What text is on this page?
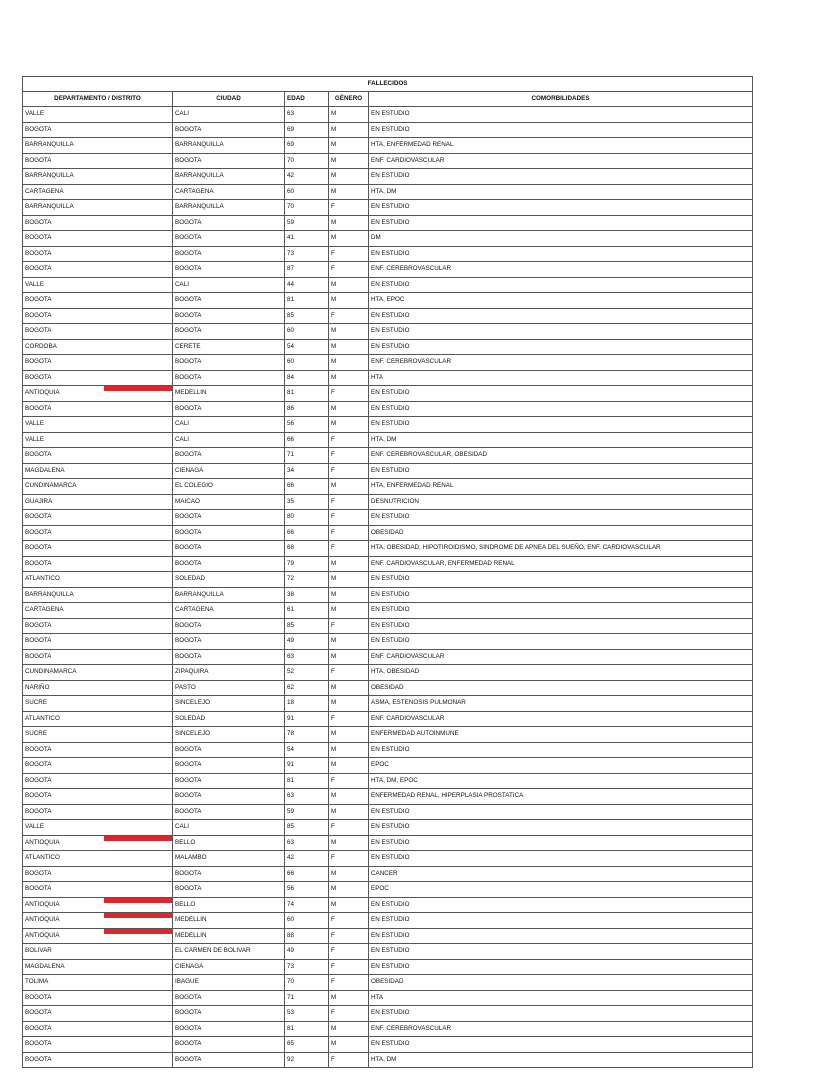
FALLECIDOS				
DEPARTAMENTO / DISTRITO	CIUDAD	EDAD	GÉNERO	COMORBILIDADES
VALLE	CALI	63	M	EN ESTUDIO
BOGOTA	BOGOTA	69	M	EN ESTUDIO
BARRANQUILLA	BARRANQUILLA	69	M	HTA, ENFERMEDAD RENAL
BOGOTA	BOGOTA	70	M	ENF. CARDIOVASCULAR
BARRANQUILLA	BARRANQUILLA	42	M	EN ESTUDIO
CARTAGENA	CARTAGENA	60	M	HTA, DM
BARRANQUILLA	BARRANQUILLA	70	F	EN ESTUDIO
BOGOTA	BOGOTA	59	M	EN ESTUDIO
BOGOTA	BOGOTA	41	M	DM
BOGOTA	BOGOTA	73	F	EN ESTUDIO
BOGOTA	BOGOTA	87	F	ENF. CEREBROVASCULAR
VALLE	CALI	44	M	EN ESTUDIO
BOGOTA	BOGOTA	81	M	HTA, EPOC
BOGOTA	BOGOTA	85	F	EN ESTUDIO
BOGOTA	BOGOTA	60	M	EN ESTUDIO
CORDOBA	CERETE	54	M	EN ESTUDIO
BOGOTA	BOGOTA	60	M	ENF. CEREBROVASCULAR
BOGOTA	BOGOTA	84	M	HTA
ANTIOQUIA	MEDELLIN	81	F	EN ESTUDIO
BOGOTA	BOGOTA	86	M	EN ESTUDIO
VALLE	CALI	56	M	EN ESTUDIO
VALLE	CALI	66	F	HTA, DM
BOGOTA	BOGOTA	71	F	ENF. CEREBROVASCULAR, OBESIDAD
MAGDALENA	CIENAGA	34	F	EN ESTUDIO
CUNDINAMARCA	EL COLEGIO	66	M	HTA, ENFERMEDAD RENAL
GUAJIRA	MAICAO	35	F	DESNUTRICION
BOGOTA	BOGOTA	80	F	EN ESTUDIO
BOGOTA	BOGOTA	66	F	OBESIDAD
BOGOTA	BOGOTA	68	F	HTA, OBESIDAD, HIPOTIROIDISMO, SINDROME DE APNEA DEL SUEÑO, ENF. CARDIOVASCULAR
BOGOTA	BOGOTA	79	M	ENF. CARDIOVASCULAR, ENFERMEDAD RENAL
ATLANTICO	SOLEDAD	72	M	EN ESTUDIO
BARRANQUILLA	BARRANQUILLA	38	M	EN ESTUDIO
CARTAGENA	CARTAGENA	61	M	EN ESTUDIO
BOGOTA	BOGOTA	85	F	EN ESTUDIO
BOGOTA	BOGOTA	49	M	EN ESTUDIO
BOGOTA	BOGOTA	63	M	ENF. CARDIOVASCULAR
CUNDINAMARCA	ZIPAQUIRA	52	F	HTA, OBESIDAD
NARIÑO	PASTO	62	M	OBESIDAD
SUCRE	SINCELEJO	18	M	ASMA, ESTENOSIS PULMONAR
ATLANTICO	SOLEDAD	91	F	ENF. CARDIOVASCULAR
SUCRE	SINCELEJO	78	M	ENFERMEDAD AUTOINMUNE
BOGOTA	BOGOTA	54	M	EN ESTUDIO
BOGOTA	BOGOTA	91	M	EPOC
BOGOTA	BOGOTA	81	F	HTA, DM, EPOC
BOGOTA	BOGOTA	63	M	ENFERMEDAD RENAL, HIPERPLASIA PROSTATICA
BOGOTA	BOGOTA	59	M	EN ESTUDIO
VALLE	CALI	85	F	EN ESTUDIO
ANTIOQUIA	BELLO	63	M	EN ESTUDIO
ATLANTICO	MALAMBO	42	F	EN ESTUDIO
BOGOTA	BOGOTA	66	M	CANCER
BOGOTA	BOGOTA	56	M	EPOC
ANTIOQUIA	BELLO	74	M	EN ESTUDIO
ANTIOQUIA	MEDELLIN	60	F	EN ESTUDIO
ANTIOQUIA	MEDELLIN	88	F	EN ESTUDIO
BOLIVAR	EL CARMEN DE BOLIVAR	49	F	EN ESTUDIO
MAGDALENA	CIENAGA	73	F	EN ESTUDIO
TOLIMA	IBAGUE	70	F	OBESIDAD
BOGOTA	BOGOTA	71	M	HTA
BOGOTA	BOGOTA	53	F	EN ESTUDIO
BOGOTA	BOGOTA	81	M	ENF. CEREBROVASCULAR
BOGOTA	BOGOTA	65	M	EN ESTUDIO
BOGOTA	BOGOTA	92	F	HTA, DM
